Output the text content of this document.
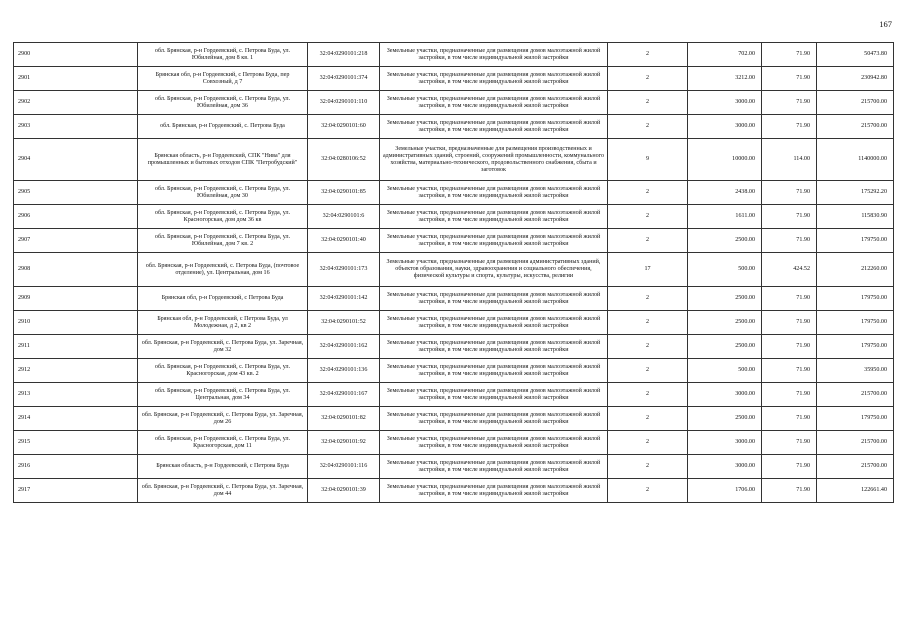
167
2900	обл. Брянская, р-н Гордеевский, с. Петрова Буда, ул. Юбилейная, дом 8 кв. 1	32:04:0290101:218	Земельные участки, предназначенные для размещения домов малоэтажной жилой застройки, в том числе индивидуальной жилой застройки	2	702.00	71.90	50473.80
2901	Брянская обл, р-н Гордеевский, с Петрова Буда, пер Совхозный, д 7	32:04:0290101:374	Земельные участки, предназначенные для размещения домов малоэтажной жилой застройки, в том числе индивидуальной жилой застройки	2	3212.00	71.90	230942.80
2902	обл. Брянская, р-н Гордеевский, с. Петрова Буда, ул. Юбилейная, дом 36	32:04:0290101:110	Земельные участки, предназначенные для размещения домов малоэтажной жилой застройки, в том числе индивидуальной жилой застройки	2	3000.00	71.90	215700.00
2903	обл. Брянская, р-н Гордеевский, с. Петрова Буда	32:04:0290101:60	Земельные участки, предназначенные для размещения домов малоэтажной жилой застройки, в том числе индивидуальной жилой застройки	2	3000.00	71.90	215700.00
2904	Брянская область, р-н Гордеевский, СПК "Нива" для промышленных и бытовых отходов СПК "Петробудский"	32:04:0280106:52	Земельные участки, предназначенные для размещения производственных и административных зданий, строений, сооружений промышленности, коммунального хозяйства, материально-технического, продовольственного снабжения, сбыта и заготовок	9	10000.00	114.00	1140000.00
2905	обл. Брянская, р-н Гордеевский, с. Петрова Буда, ул. Юбилейная, дом 30	32:04:0290101:85	Земельные участки, предназначенные для размещения домов малоэтажной жилой застройки, в том числе индивидуальной жилой застройки	2	2438.00	71.90	175292.20
2906	обл. Брянская, р-н Гордеевский, с. Петрова Буда, ул. Красногорская, дом дом 36 кв	32:04:0290101:6	Земельные участки, предназначенные для размещения домов малоэтажной жилой застройки, в том числе индивидуальной жилой застройки	2	1611.00	71.90	115830.90
2907	обл. Брянская, р-н Гордеевский, с. Петрова Буда, ул. Юбилейная, дом 7 кв. 2	32:04:0290101:40	Земельные участки, предназначенные для размещения домов малоэтажной жилой застройки, в том числе индивидуальной жилой застройки	2	2500.00	71.90	179750.00
2908	обл. Брянская, р-н Гордеевский, с. Петрова Буда, (почтовое отделение), ул. Центральная, дом 16	32:04:0290101:173	Земельные участки, предназначенные для размещения административных зданий, объектов образования, науки, здравоохранения и социального обеспечения, физической культуры и спорта, культуры, искусства, религии	17	500.00	424.52	212260.00
2909	Брянская обл, р-н Гордеевский, с Петрова Буда	32:04:0290101:142	Земельные участки, предназначенные для размещения домов малоэтажной жилой застройки, в том числе индивидуальной жилой застройки	2	2500.00	71.90	179750.00
2910	Брянская обл, р-н Гордеевский, с Петрова Буда, ул Молодежная, д 2, кв 2	32:04:0290101:52	Земельные участки, предназначенные для размещения домов малоэтажной жилой застройки, в том числе индивидуальной жилой застройки	2	2500.00	71.90	179750.00
2911	обл. Брянская, р-н Гордеевский, с. Петрова Буда, ул. Заречная, дом 32	32:04:0290101:162	Земельные участки, предназначенные для размещения домов малоэтажной жилой застройки, в том числе индивидуальной жилой застройки	2	2500.00	71.90	179750.00
2912	обл. Брянская, р-н Гордеевский, с. Петрова Буда, ул. Красногорская, дом 43 кв. 2	32:04:0290101:136	Земельные участки, предназначенные для размещения домов малоэтажной жилой застройки, в том числе индивидуальной жилой застройки	2	500.00	71.90	35950.00
2913	обл. Брянская, р-н Гордеевский, с. Петрова Буда, ул. Центральная, дом 34	32:04:0290101:167	Земельные участки, предназначенные для размещения домов малоэтажной жилой застройки, в том числе индивидуальной жилой застройки	2	3000.00	71.90	215700.00
2914	обл. Брянская, р-н Гордеевский, с. Петрова Буда, ул. Заречная, дом 26	32:04:0290101:82	Земельные участки, предназначенные для размещения домов малоэтажной жилой застройки, в том числе индивидуальной жилой застройки	2	2500.00	71.90	179750.00
2915	обл. Брянская, р-н Гордеевский, с. Петрова Буда, ул. Красногорская, дом 11	32:04:0290101:92	Земельные участки, предназначенные для размещения домов малоэтажной жилой застройки, в том числе индивидуальной жилой застройки	2	3000.00	71.90	215700.00
2916	Брянская область, р-н Гордеевский, с Петрова Буда	32:04:0290101:116	Земельные участки, предназначенные для размещения домов малоэтажной жилой застройки, в том числе индивидуальной жилой застройки	2	3000.00	71.90	215700.00
2917	обл. Брянская, р-н Гордеевский, с. Петрова Буда, ул. Заречная, дом 44	32:04:0290101:39	Земельные участки, предназначенные для размещения домов малоэтажной жилой застройки, в том числе индивидуальной жилой застройки	2	1706.00	71.90	122661.40
